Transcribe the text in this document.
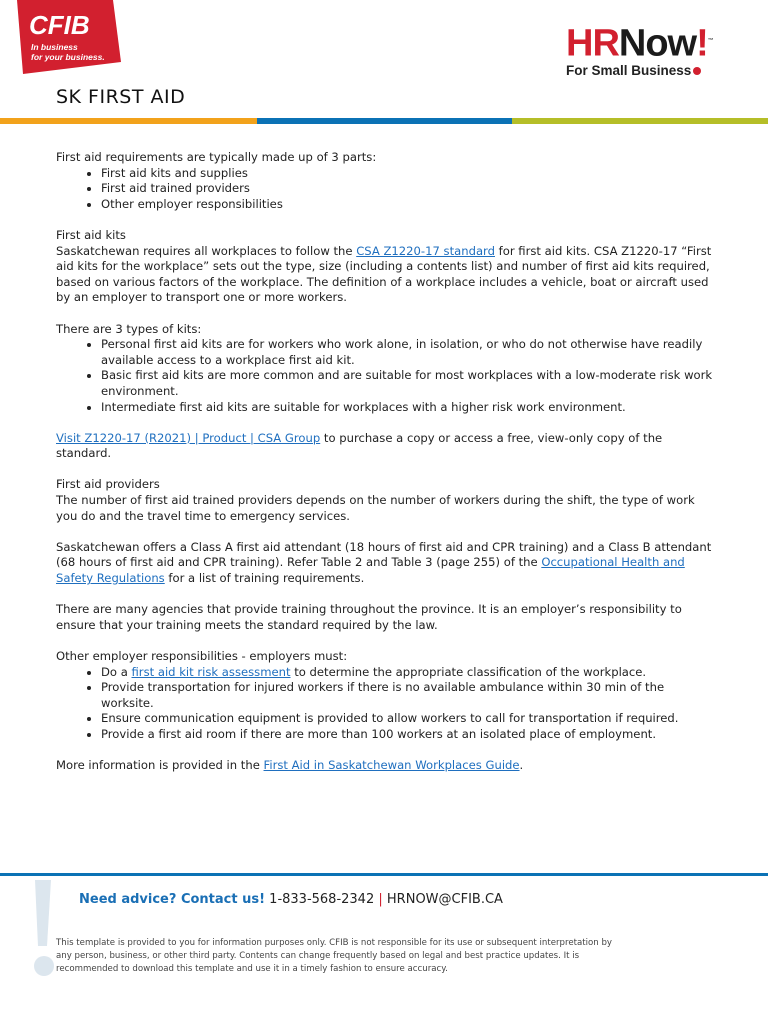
CFIB
In business
for your business.	HRNow!™
For Small Business
SK FIRST AID

First aid requirements are typically made up of 3 parts:

• First aid kits and supplies
• First aid trained providers
• Other employer responsibilities

First aid kits

Saskatchewan requires all workplaces to follow the CSA Z1220-17 standard for first aid kits. CSA Z1220-17 “First aid kits for the workplace” sets out the type, size (including a contents list) and number of first aid kits required, based on various factors of the workplace. The definition of a workplace includes a vehicle, boat or aircraft used by an employer to transport one or more workers.

There are 3 types of kits:

• Personal first aid kits are for workers who work alone, in isolation, or who do not otherwise have readily available access to a workplace first aid kit.
• Basic first aid kits are more common and are suitable for most workplaces with a low-moderate risk work environment.
• Intermediate first aid kits are suitable for workplaces with a higher risk work environment.

Visit Z1220-17 (R2021) | Product | CSA Group to purchase a copy or access a free, view-only copy of the standard.

First aid providers

The number of first aid trained providers depends on the number of workers during the shift, the type of work you do and the travel time to emergency services.

Saskatchewan offers a Class A first aid attendant (18 hours of first aid and CPR training) and a Class B attendant (68 hours of first aid and CPR training). Refer Table 2 and Table 3 (page 255) of the Occupational Health and Safety Regulations for a list of training requirements.

There are many agencies that provide training throughout the province. It is an employer’s responsibility to ensure that your training meets the standard required by the law.

Other employer responsibilities - employers must:

• Do a first aid kit risk assessment to determine the appropriate classification of the workplace.
• Provide transportation for injured workers if there is no available ambulance within 30 min of the worksite.
• Ensure communication equipment is provided to allow workers to call for transportation if required.
• Provide a first aid room if there are more than 100 workers at an isolated place of employment.

More information is provided in the First Aid in Saskatchewan Workplaces Guide.

Need advice? Contact us! 1-833-568-2342 | HRNOW@CFIB.CA
This template is provided to you for information purposes only. CFIB is not responsible for its use or subsequent interpretation by any person, business, or other third party. Contents can change frequently based on legal and best practice updates. It is recommended to download this template and use it in a timely fashion to ensure accuracy.
